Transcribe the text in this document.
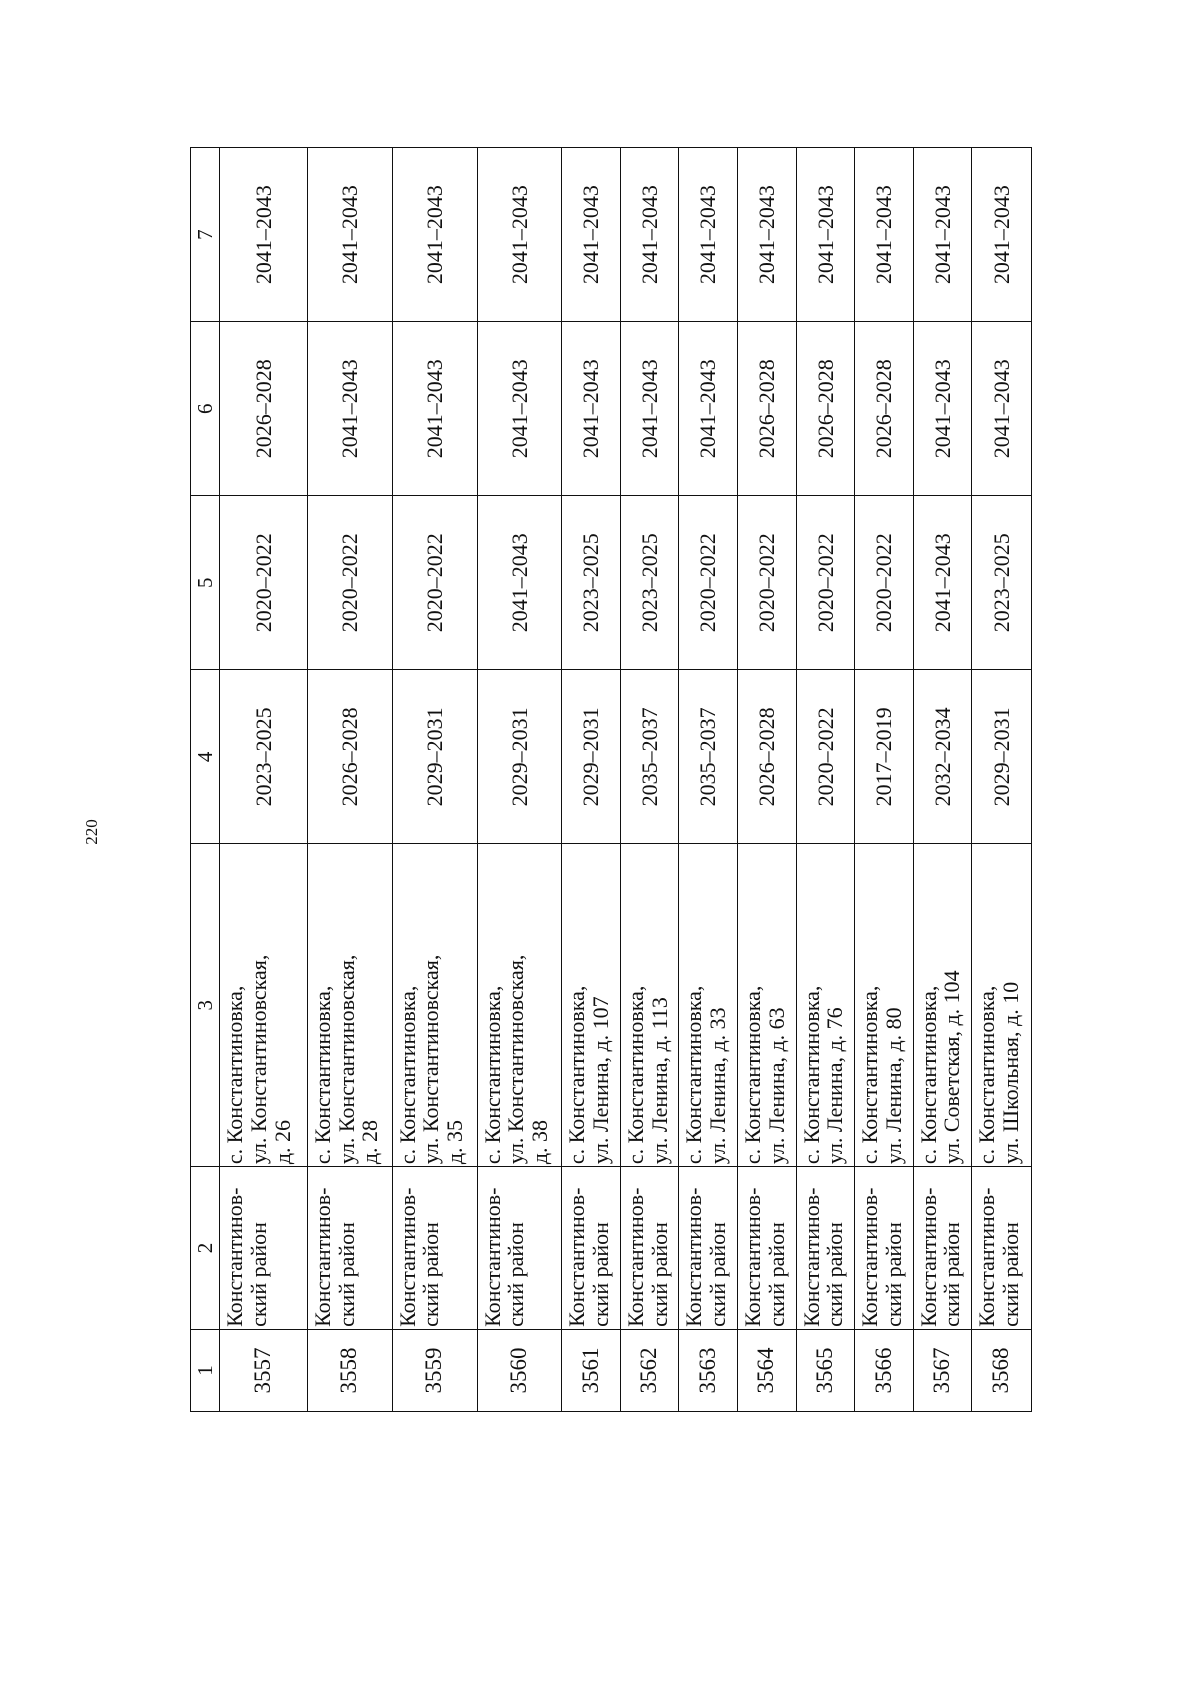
220
1	2	3	4	5	6	7
3557	Константинов-ский район	с. Константиновка,
ул. Константиновская,
д. 26	2023–2025	2020–2022	2026–2028	2041–2043
3558	Константинов-ский район	с. Константиновка,
ул. Константиновская,
д. 28	2026–2028	2020–2022	2041–2043	2041–2043
3559	Константинов-ский район	с. Константиновка,
ул. Константиновская,
д. 35	2029–2031	2020–2022	2041–2043	2041–2043
3560	Константинов-ский район	с. Константиновка,
ул. Константиновская,
д. 38	2029–2031	2041–2043	2041–2043	2041–2043
3561	Константинов-ский район	с. Константиновка,
ул. Ленина, д. 107	2029–2031	2023–2025	2041–2043	2041–2043
3562	Константинов-ский район	с. Константиновка,
ул. Ленина, д. 113	2035–2037	2023–2025	2041–2043	2041–2043
3563	Константинов-ский район	с. Константиновка,
ул. Ленина, д. 33	2035–2037	2020–2022	2041–2043	2041–2043
3564	Константинов-ский район	с. Константиновка,
ул. Ленина, д. 63	2026–2028	2020–2022	2026–2028	2041–2043
3565	Константинов-ский район	с. Константиновка,
ул. Ленина, д. 76	2020–2022	2020–2022	2026–2028	2041–2043
3566	Константинов-ский район	с. Константиновка,
ул. Ленина, д. 80	2017–2019	2020–2022	2026–2028	2041–2043
3567	Константинов-ский район	с. Константиновка,
ул. Советская, д. 104	2032–2034	2041–2043	2041–2043	2041–2043
3568	Константинов-ский район	с. Константиновка,
ул. Школьная, д. 10	2029–2031	2023–2025	2041–2043	2041–2043
